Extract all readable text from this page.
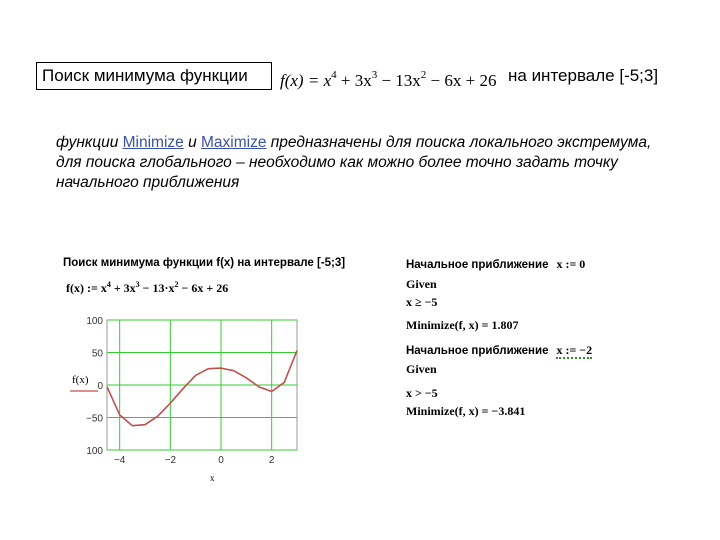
Поиск минимума функции	$f(x) = x^4 + 3x^3 - 13x^2 - 6x + 26$ на интервале [-5;3]
функции Minimize и Maximize предназначены для поиска локального экстремума, для поиска глобального – необходимо как можно более точно задать точку начального приближения
Поиск минимума функции f(x) на интервале [-5;3]
f(x) := $x^4 + 3x^3 - 13\cdot x^2 - 6x + 26$
100
50
0
−50
100
−4	−2	0	2
f(x)
x
Начальное приближение x := 0
Given
x ≥ −5
Minimize(f, x) = 1.807
Начальное приближение x := −2
Given
x > −5
Minimize(f, x) = −3.841
